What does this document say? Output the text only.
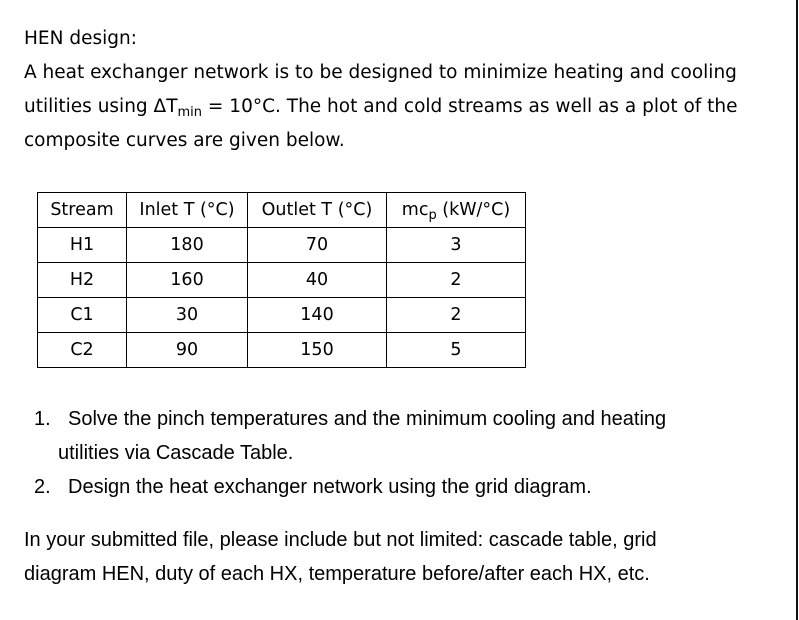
HEN design:
A heat exchanger network is to be designed to minimize heating and cooling
utilities using $\Delta T_{min} = 10^\circ C$. The hot and cold streams as well as a plot of the
composite curves are given below.
Stream	Inlet T (°C)	Outlet T (°C)	$mc_p$ (kW/°C)
H1	180	70	3
H2	160	40	2
C1	30	140	2
C2	90	150	5
1. Solve the pinch temperatures and the minimum cooling and heating
utilities via Cascade Table.
2. Design the heat exchanger network using the grid diagram.
In your submitted file, please include but not limited: cascade table, grid
diagram HEN, duty of each HX, temperature before/after each HX, etc.
